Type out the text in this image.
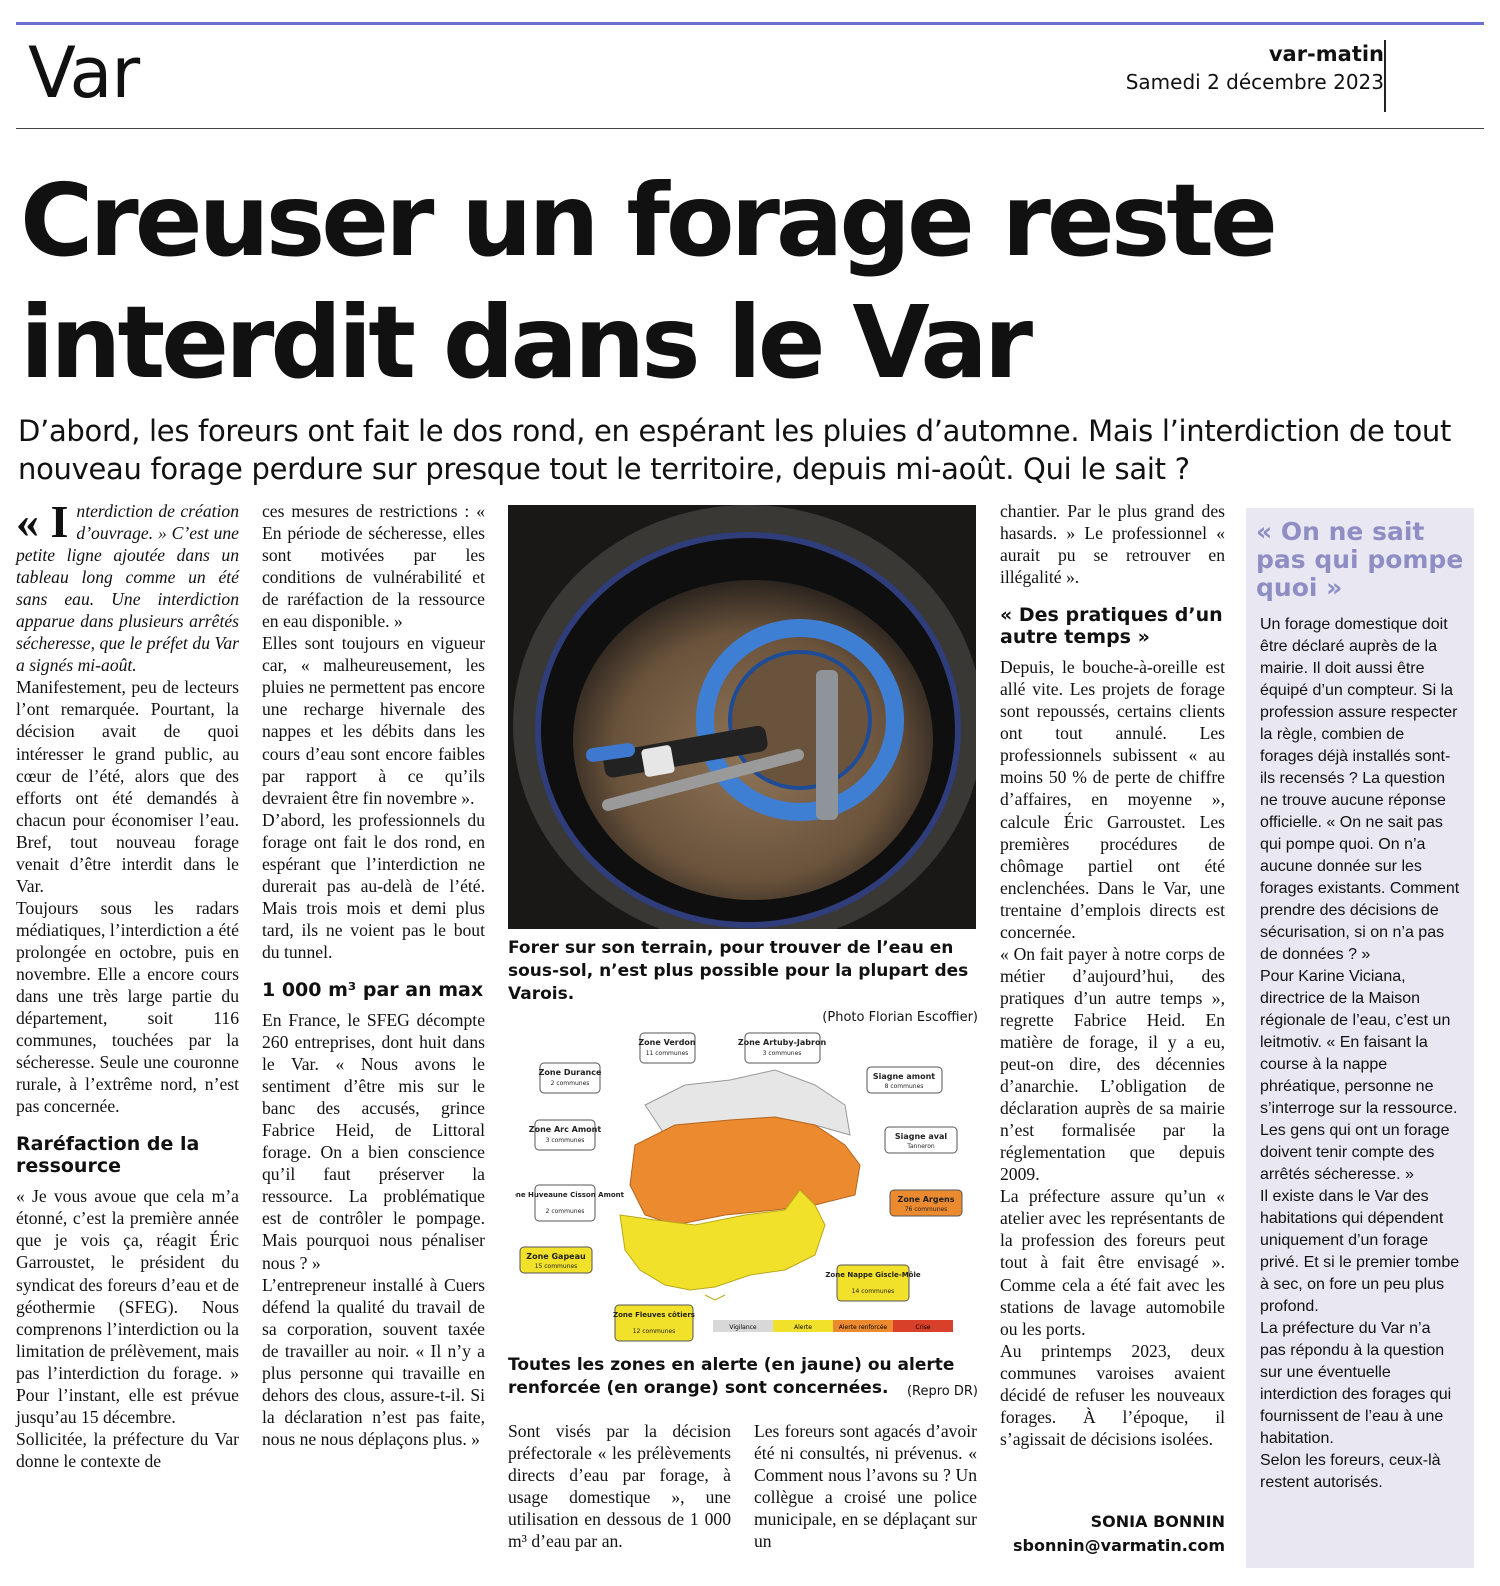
Var	var-matin
Samedi 2 décembre 2023
Creuser un forage reste interdit dans le Var

D’abord, les foreurs ont fait le dos rond, en espérant les pluies d’automne. Mais l’interdiction de tout nouveau forage perdure sur presque tout le territoire, depuis mi-août. Qui le sait ?

« I nterdiction de création d’ouvrage. » C’est une petite ligne ajoutée dans un tableau long comme un été sans eau. Une interdiction apparue dans plusieurs arrêtés sécheresse, que le préfet du Var a signés mi-août.

Manifestement, peu de lecteurs l’ont remarquée. Pourtant, la décision avait de quoi intéresser le grand public, au cœur de l’été, alors que des efforts ont été demandés à chacun pour économiser l’eau. Bref, tout nouveau forage venait d’être interdit dans le Var.

Toujours sous les radars médiatiques, l’interdiction a été prolongée en octobre, puis en novembre. Elle a encore cours dans une très large partie du département, soit 116 communes, touchées par la sécheresse. Seule une couronne rurale, à l’extrême nord, n’est pas concernée.

Raréfaction de la ressource

« Je vous avoue que cela m’a étonné, c’est la première année que je vois ça, réagit Éric Garroustet, le président du syndicat des foreurs d’eau et de géothermie (SFEG). Nous comprenons l’interdiction ou la limitation de prélèvement, mais pas l’interdiction du forage. » Pour l’instant, elle est prévue jusqu’au 15 décembre.

Sollicitée, la préfecture du Var donne le contexte de

ces mesures de restrictions : « En période de sécheresse, elles sont motivées par les conditions de vulnérabilité et de raréfaction de la ressource en eau disponible. »

Elles sont toujours en vigueur car, « malheureusement, les pluies ne permettent pas encore une recharge hivernale des nappes et les débits dans les cours d’eau sont encore faibles par rapport à ce qu’ils devraient être fin novembre ».

D’abord, les professionnels du forage ont fait le dos rond, en espérant que l’interdiction ne durerait pas au-delà de l’été. Mais trois mois et demi plus tard, ils ne voient pas le bout du tunnel.

1 000 m³ par an max

En France, le SFEG décompte 260 entreprises, dont huit dans le Var. « Nous avons le sentiment d’être mis sur le banc des accusés, grince Fabrice Heid, de Littoral forage. On a bien conscience qu’il faut préserver la ressource. La problématique est de contrôler le pompage. Mais pourquoi nous pénaliser nous ? »

L’entrepreneur installé à Cuers défend la qualité du travail de sa corporation, souvent taxée de travailler au noir. « Il n’y a plus personne qui travaille en dehors des clous, assure-t-il. Si la déclaration n’est pas faite, nous ne nous déplaçons plus. »

Forer sur son terrain, pour trouver de l’eau en sous-sol, n’est plus possible pour la plupart des Varois.
(Photo Florian Escoffier)
Zone Verdon
11 communes
Zone Artuby-Jabron
3 communes
Zone Durance
2 communes
Siagne amont
8 communes
Zone Arc Amont
3 communes	Siagne aval
Tanneron
Zone Huveaune Cisson Amont
2 communes
Zone Argens
76 communes
Zone Gapeau
15 communes
Zone Nappe Giscle-Môle
14 communes
Zone Fleuves côtiers
12 communes
Vigilance	Alerte	Alerte renforcée	Crise
Toutes les zones en alerte (en jaune) ou alerte renforcée (en orange) sont concernées.	(Repro DR)

Sont visés par la décision préfectorale « les prélèvements directs d’eau par forage, à usage domestique », une utilisation en dessous de 1 000 m³ d’eau par an.

Les foreurs sont agacés d’avoir été ni consultés, ni prévenus. « Comment nous l’avons su ? Un collègue a croisé une police municipale, en se déplaçant sur un

chantier. Par le plus grand des hasards. » Le professionnel « aurait pu se retrouver en illégalité ».

« Des pratiques d’un autre temps »

Depuis, le bouche-à-oreille est allé vite. Les projets de forage sont repoussés, certains clients ont tout annulé. Les professionnels subissent « au moins 50 % de perte de chiffre d’affaires, en moyenne », calcule Éric Garroustet. Les premières procédures de chômage partiel ont été enclenchées. Dans le Var, une trentaine d’emplois directs est concernée.

« On fait payer à notre corps de métier d’aujourd’hui, des pratiques d’un autre temps », regrette Fabrice Heid. En matière de forage, il y a eu, peut-on dire, des décennies d’anarchie. L’obligation de déclaration auprès de sa mairie n’est formalisée par la réglementation que depuis 2009.

La préfecture assure qu’un « atelier avec les représentants de la profession des foreurs peut tout à fait être envisagé ». Comme cela a été fait avec les stations de lavage automobile ou les ports.

Au printemps 2023, deux communes varoises avaient décidé de refuser les nouveaux forages. À l’époque, il s’agissait de décisions isolées.

SONIA BONNIN
sbonnin@varmatin.com
« On ne sait pas qui pompe quoi »

Un forage domestique doit être déclaré auprès de la mairie. Il doit aussi être équipé d’un compteur. Si la profession assure respecter la règle, combien de forages déjà installés sont-ils recensés ? La question ne trouve aucune réponse officielle. « On ne sait pas qui pompe quoi. On n’a aucune donnée sur les forages existants. Comment prendre des décisions de sécurisation, si on n’a pas de données ? »

Pour Karine Viciana, directrice de la Maison régionale de l’eau, c’est un leitmotiv. « En faisant la course à la nappe phréatique, personne ne s’interroge sur la ressource. Les gens qui ont un forage doivent tenir compte des arrêtés sécheresse. »

Il existe dans le Var des habitations qui dépendent uniquement d’un forage privé. Et si le premier tombe à sec, on fore un peu plus profond.

La préfecture du Var n’a pas répondu à la question sur une éventuelle interdiction des forages qui fournissent de l’eau à une habitation.

Selon les foreurs, ceux-là restent autorisés.
